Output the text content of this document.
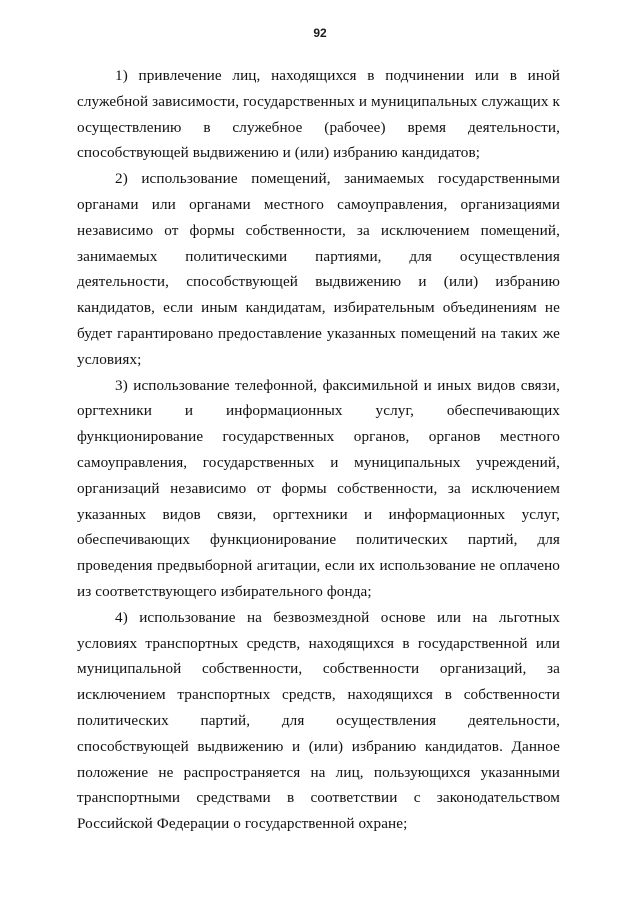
92

1) привлечение лиц, находящихся в подчинении или в иной служебной зависимости, государственных и муниципальных служащих к осуществлению в служебное (рабочее) время деятельности, способствующей выдвижению и (или) избранию кандидатов;

2) использование помещений, занимаемых государственными органами или органами местного самоуправления, организациями независимо от формы собственности, за исключением помещений, занимаемых политическими партиями, для осуществления деятельности, способствующей выдвижению и (или) избранию кандидатов, если иным кандидатам, избирательным объединениям не будет гарантировано предоставление указанных помещений на таких же условиях;

3) использование телефонной, факсимильной и иных видов связи, оргтехники и информационных услуг, обеспечивающих функционирование государственных органов, органов местного самоуправления, государственных и муниципальных учреждений, организаций независимо от формы собственности, за исключением указанных видов связи, оргтехники и информационных услуг, обеспечивающих функционирование политических партий, для проведения предвыборной агитации, если их использование не оплачено из соответствующего избирательного фонда;

4) использование на безвозмездной основе или на льготных условиях транспортных средств, находящихся в государственной или муниципальной собственности, собственности организаций, за исключением транспортных средств, находящихся в собственности политических партий, для осуществления деятельности, способствующей выдвижению и (или) избранию кандидатов. Данное положение не распространяется на лиц, пользующихся указанными транспортными средствами в соответствии с законодательством Российской Федерации о государственной охране;
